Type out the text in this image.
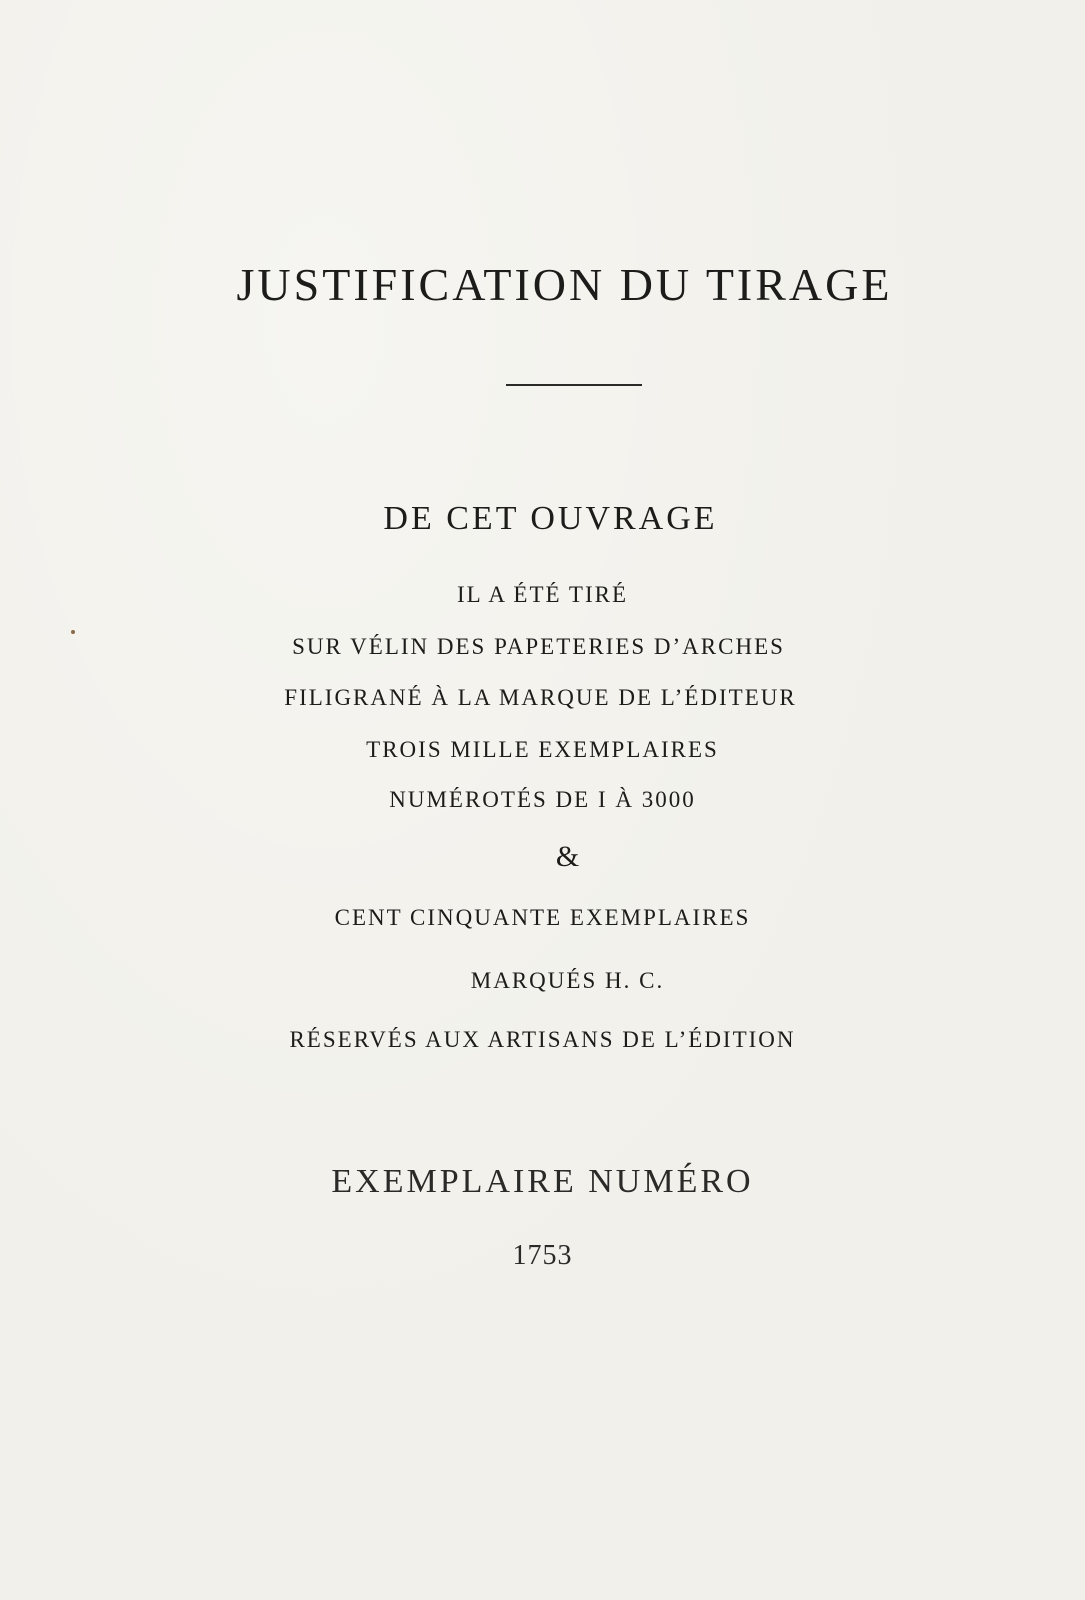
JUSTIFICATION DU TIRAGE
DE CET OUVRAGE
IL A ÉTÉ TIRÉ
SUR VÉLIN DES PAPETERIES D’ARCHES
FILIGRANÉ À LA MARQUE DE L’ÉDITEUR
TROIS MILLE EXEMPLAIRES
NUMÉROTÉS DE I À 3000
&
CENT CINQUANTE EXEMPLAIRES
MARQUÉS H. C.
RÉSERVÉS AUX ARTISANS DE L’ÉDITION
EXEMPLAIRE NUMÉRO
1753
